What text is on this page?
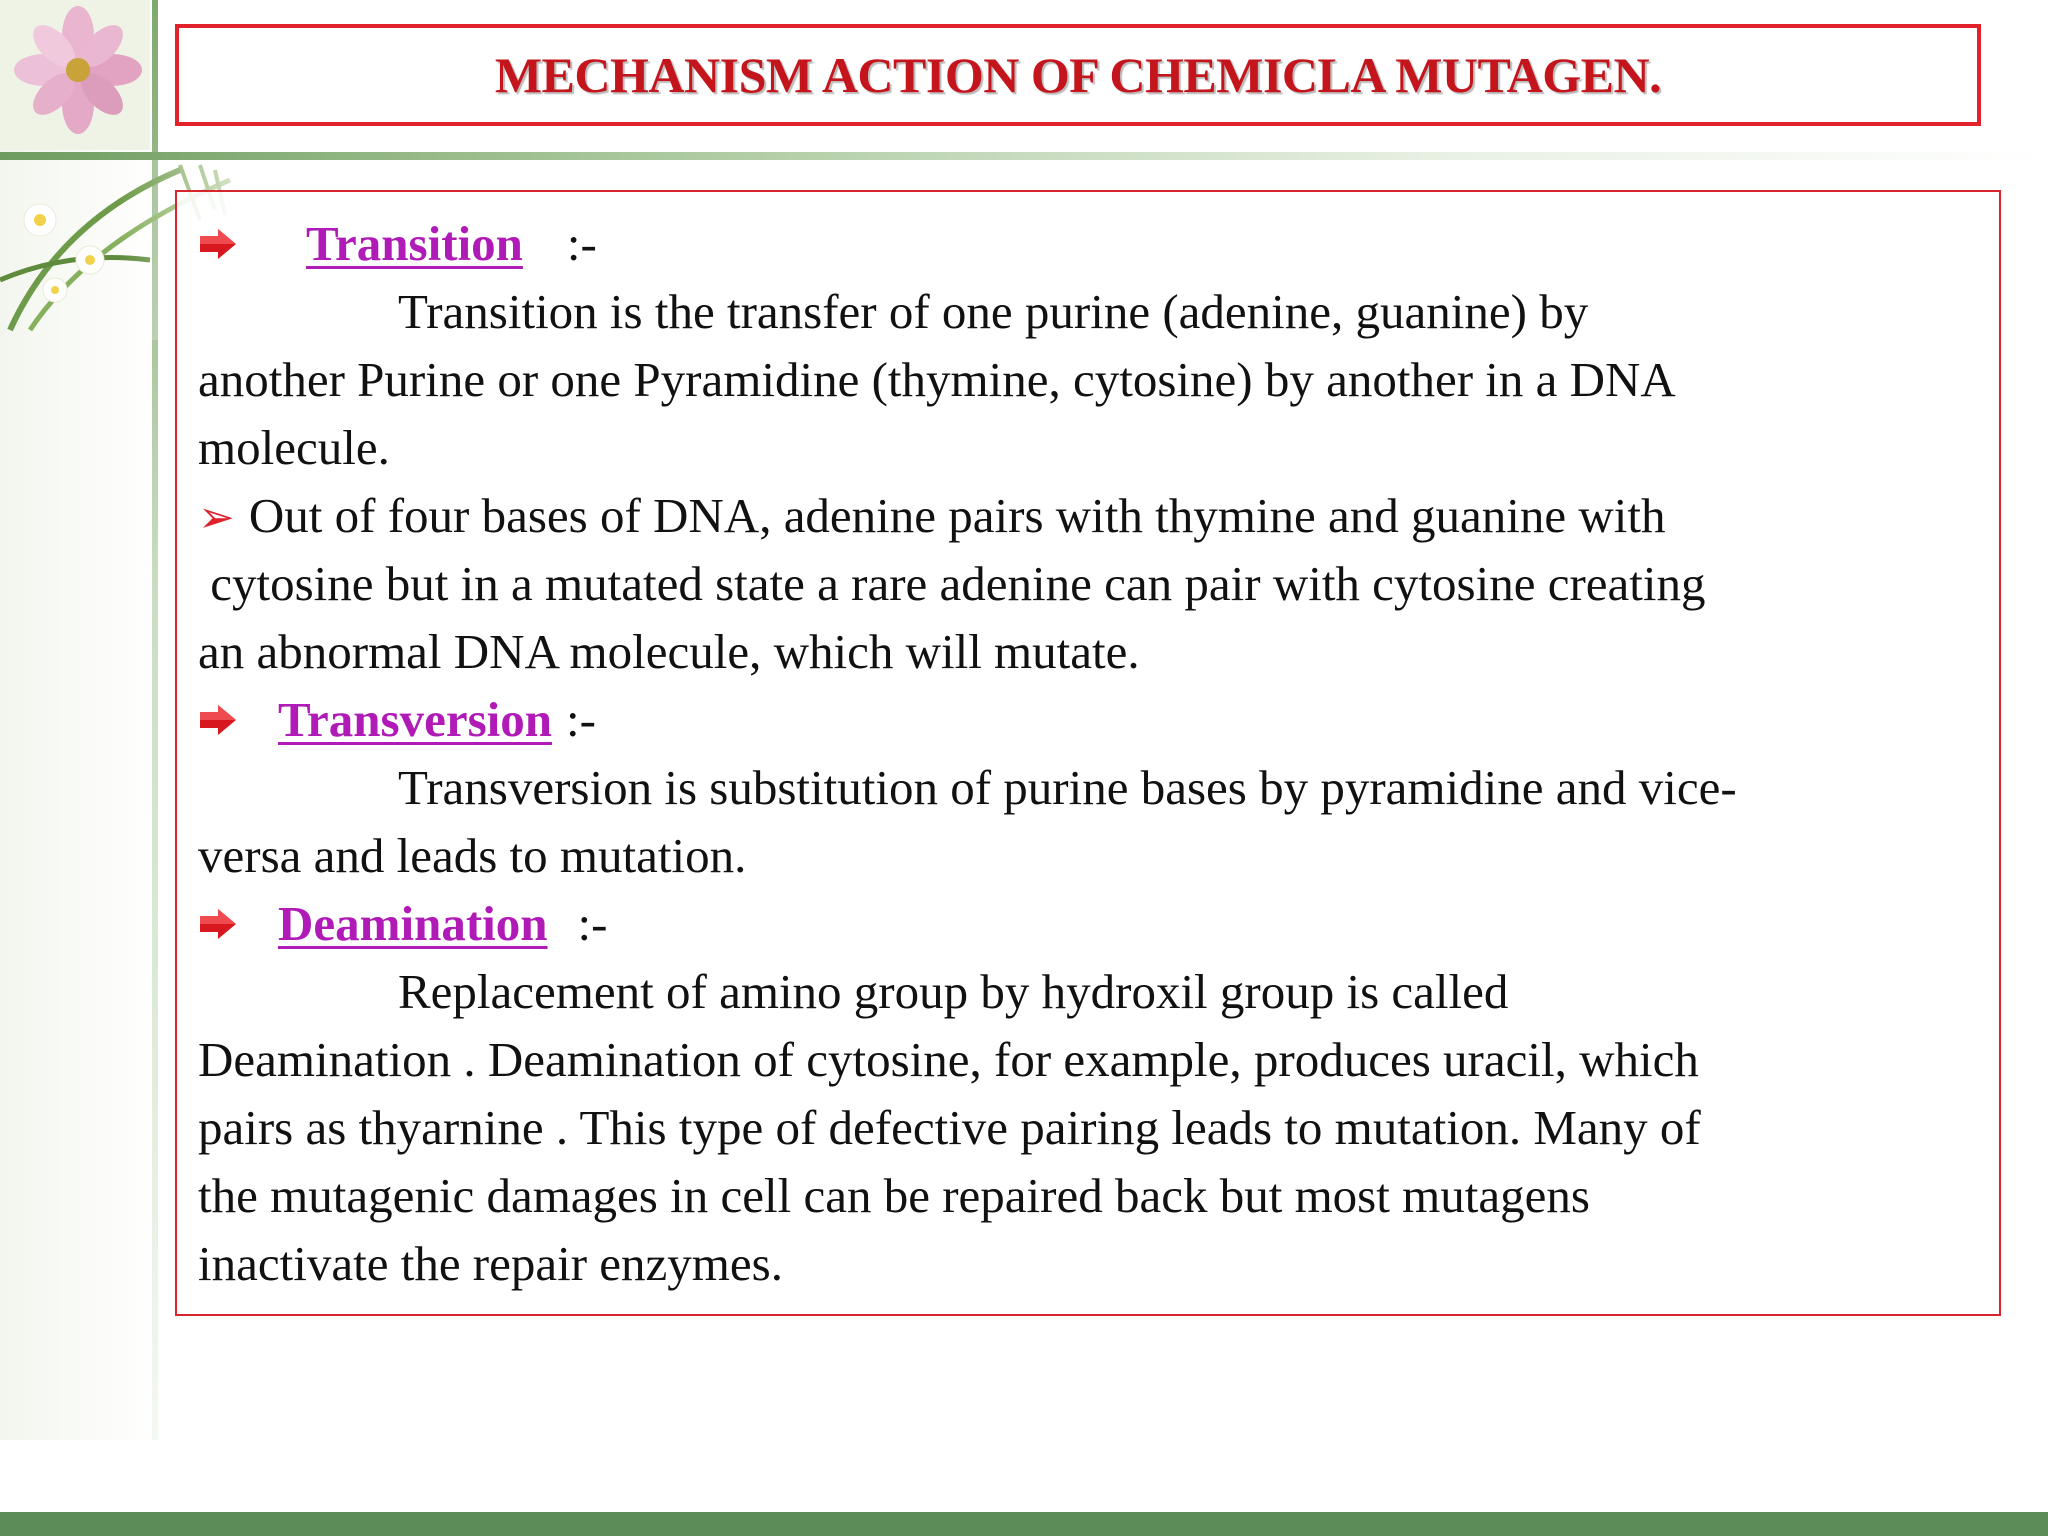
MECHANISM ACTION OF CHEMICLA MUTAGEN.
Transition :-
Transition is the transfer of one purine (adenine, guanine) by
another Purine or one Pyramidine (thymine, cytosine) by another in a DNA
molecule.
➢ Out of four bases of DNA, adenine pairs with thymine and guanine with
cytosine but in a mutated state a rare adenine can pair with cytosine creating
an abnormal DNA molecule, which will mutate.
Transversion :-
Transversion is substitution of purine bases by pyramidine and vice-
versa and leads to mutation.
Deamination :-
Replacement of amino group by hydroxil group is called
Deamination . Deamination of cytosine, for example, produces uracil, which
pairs as thyarnine . This type of defective pairing leads to mutation. Many of
the mutagenic damages in cell can be repaired back but most mutagens
inactivate the repair enzymes.
